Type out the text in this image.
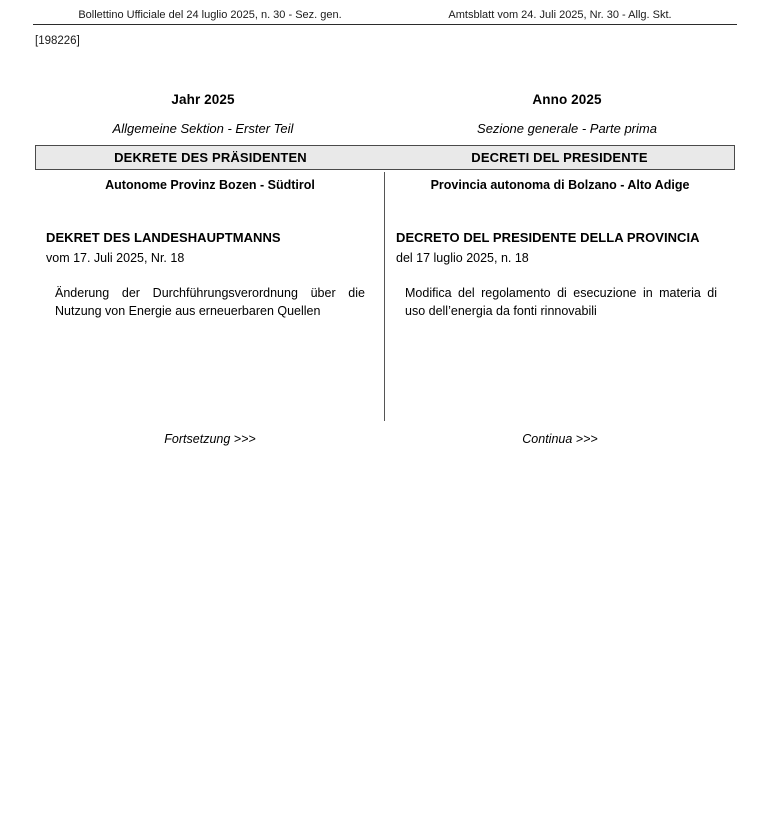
Bollettino Ufficiale del 24 luglio 2025, n. 30 - Sez. gen.	Amtsblatt vom 24. Juli 2025, Nr. 30 - Allg. Skt.
[198226]
Jahr 2025
Allgemeine Sektion - Erster Teil
Anno 2025
Sezione generale - Parte prima
DEKRETE DES PRÄSIDENTEN	DECRETI DEL PRESIDENTE
Autonome Provinz Bozen - Südtirol	Provincia autonoma di Bolzano - Alto Adige
DEKRET DES LANDESHAUPTMANNS
vom 17. Juli 2025, Nr. 18
Änderung der Durchführungsverordnung über die Nutzung von Energie aus erneuerbaren Quellen
DECRETO DEL PRESIDENTE DELLA PROVINCIA
del 17 luglio 2025, n. 18
Modifica del regolamento di esecuzione in materia di uso dell’energia da fonti rinnovabili
Fortsetzung >>>	Continua >>>
